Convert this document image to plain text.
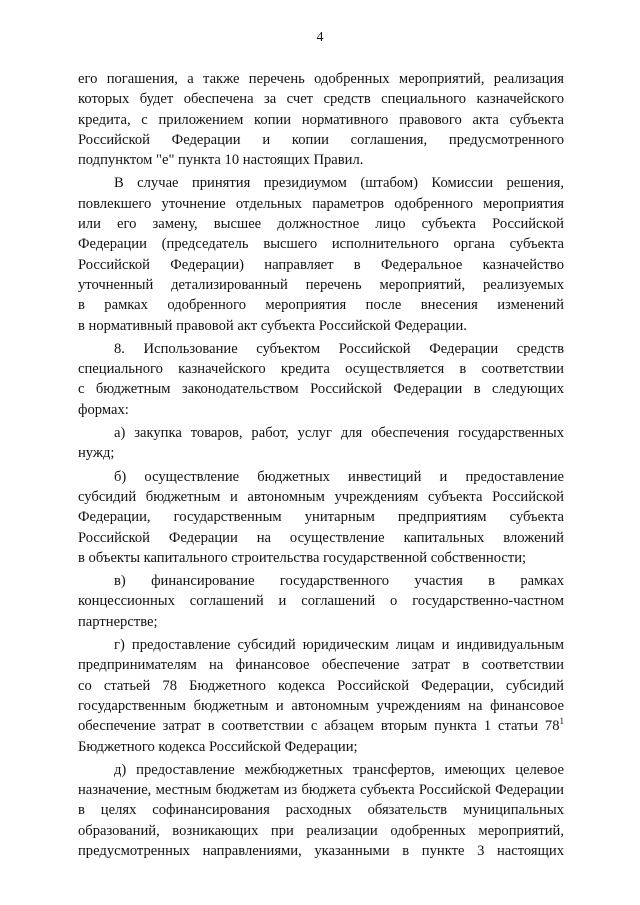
4
его погашения, а также перечень одобренных мероприятий, реализация
которых будет обеспечена за счет средств специального казначейского
кредита, с приложением копии нормативного правового акта субъекта
Российской Федерации и копии соглашения, предусмотренного
подпунктом "е" пункта 10 настоящих Правил.
В случае принятия президиумом (штабом) Комиссии решения,
повлекшего уточнение отдельных параметров одобренного мероприятия
или его замену, высшее должностное лицо субъекта Российской
Федерации (председатель высшего исполнительного органа субъекта
Российской Федерации) направляет в Федеральное казначейство
уточненный детализированный перечень мероприятий, реализуемых
в рамках одобренного мероприятия после внесения изменений
в нормативный правовой акт субъекта Российской Федерации.
8. Использование субъектом Российской Федерации средств
специального казначейского кредита осуществляется в соответствии
с бюджетным законодательством Российской Федерации в следующих
формах:
а) закупка товаров, работ, услуг для обеспечения государственных
нужд;
б) осуществление бюджетных инвестиций и предоставление
субсидий бюджетным и автономным учреждениям субъекта Российской
Федерации, государственным унитарным предприятиям субъекта
Российской Федерации на осуществление капитальных вложений
в объекты капитального строительства государственной собственности;
в) финансирование государственного участия в рамках
концессионных соглашений и соглашений о государственно-частном
партнерстве;
г) предоставление субсидий юридическим лицам и индивидуальным
предпринимателям на финансовое обеспечение затрат в соответствии
со статьей 78 Бюджетного кодекса Российской Федерации, субсидий
государственным бюджетным и автономным учреждениям на финансовое
обеспечение затрат в соответствии с абзацем вторым пункта 1 статьи $78^1$
Бюджетного кодекса Российской Федерации;
д) предоставление межбюджетных трансфертов, имеющих целевое
назначение, местным бюджетам из бюджета субъекта Российской Федерации
в целях софинансирования расходных обязательств муниципальных
образований, возникающих при реализации одобренных мероприятий,
предусмотренных направлениями, указанными в пункте 3 настоящих
